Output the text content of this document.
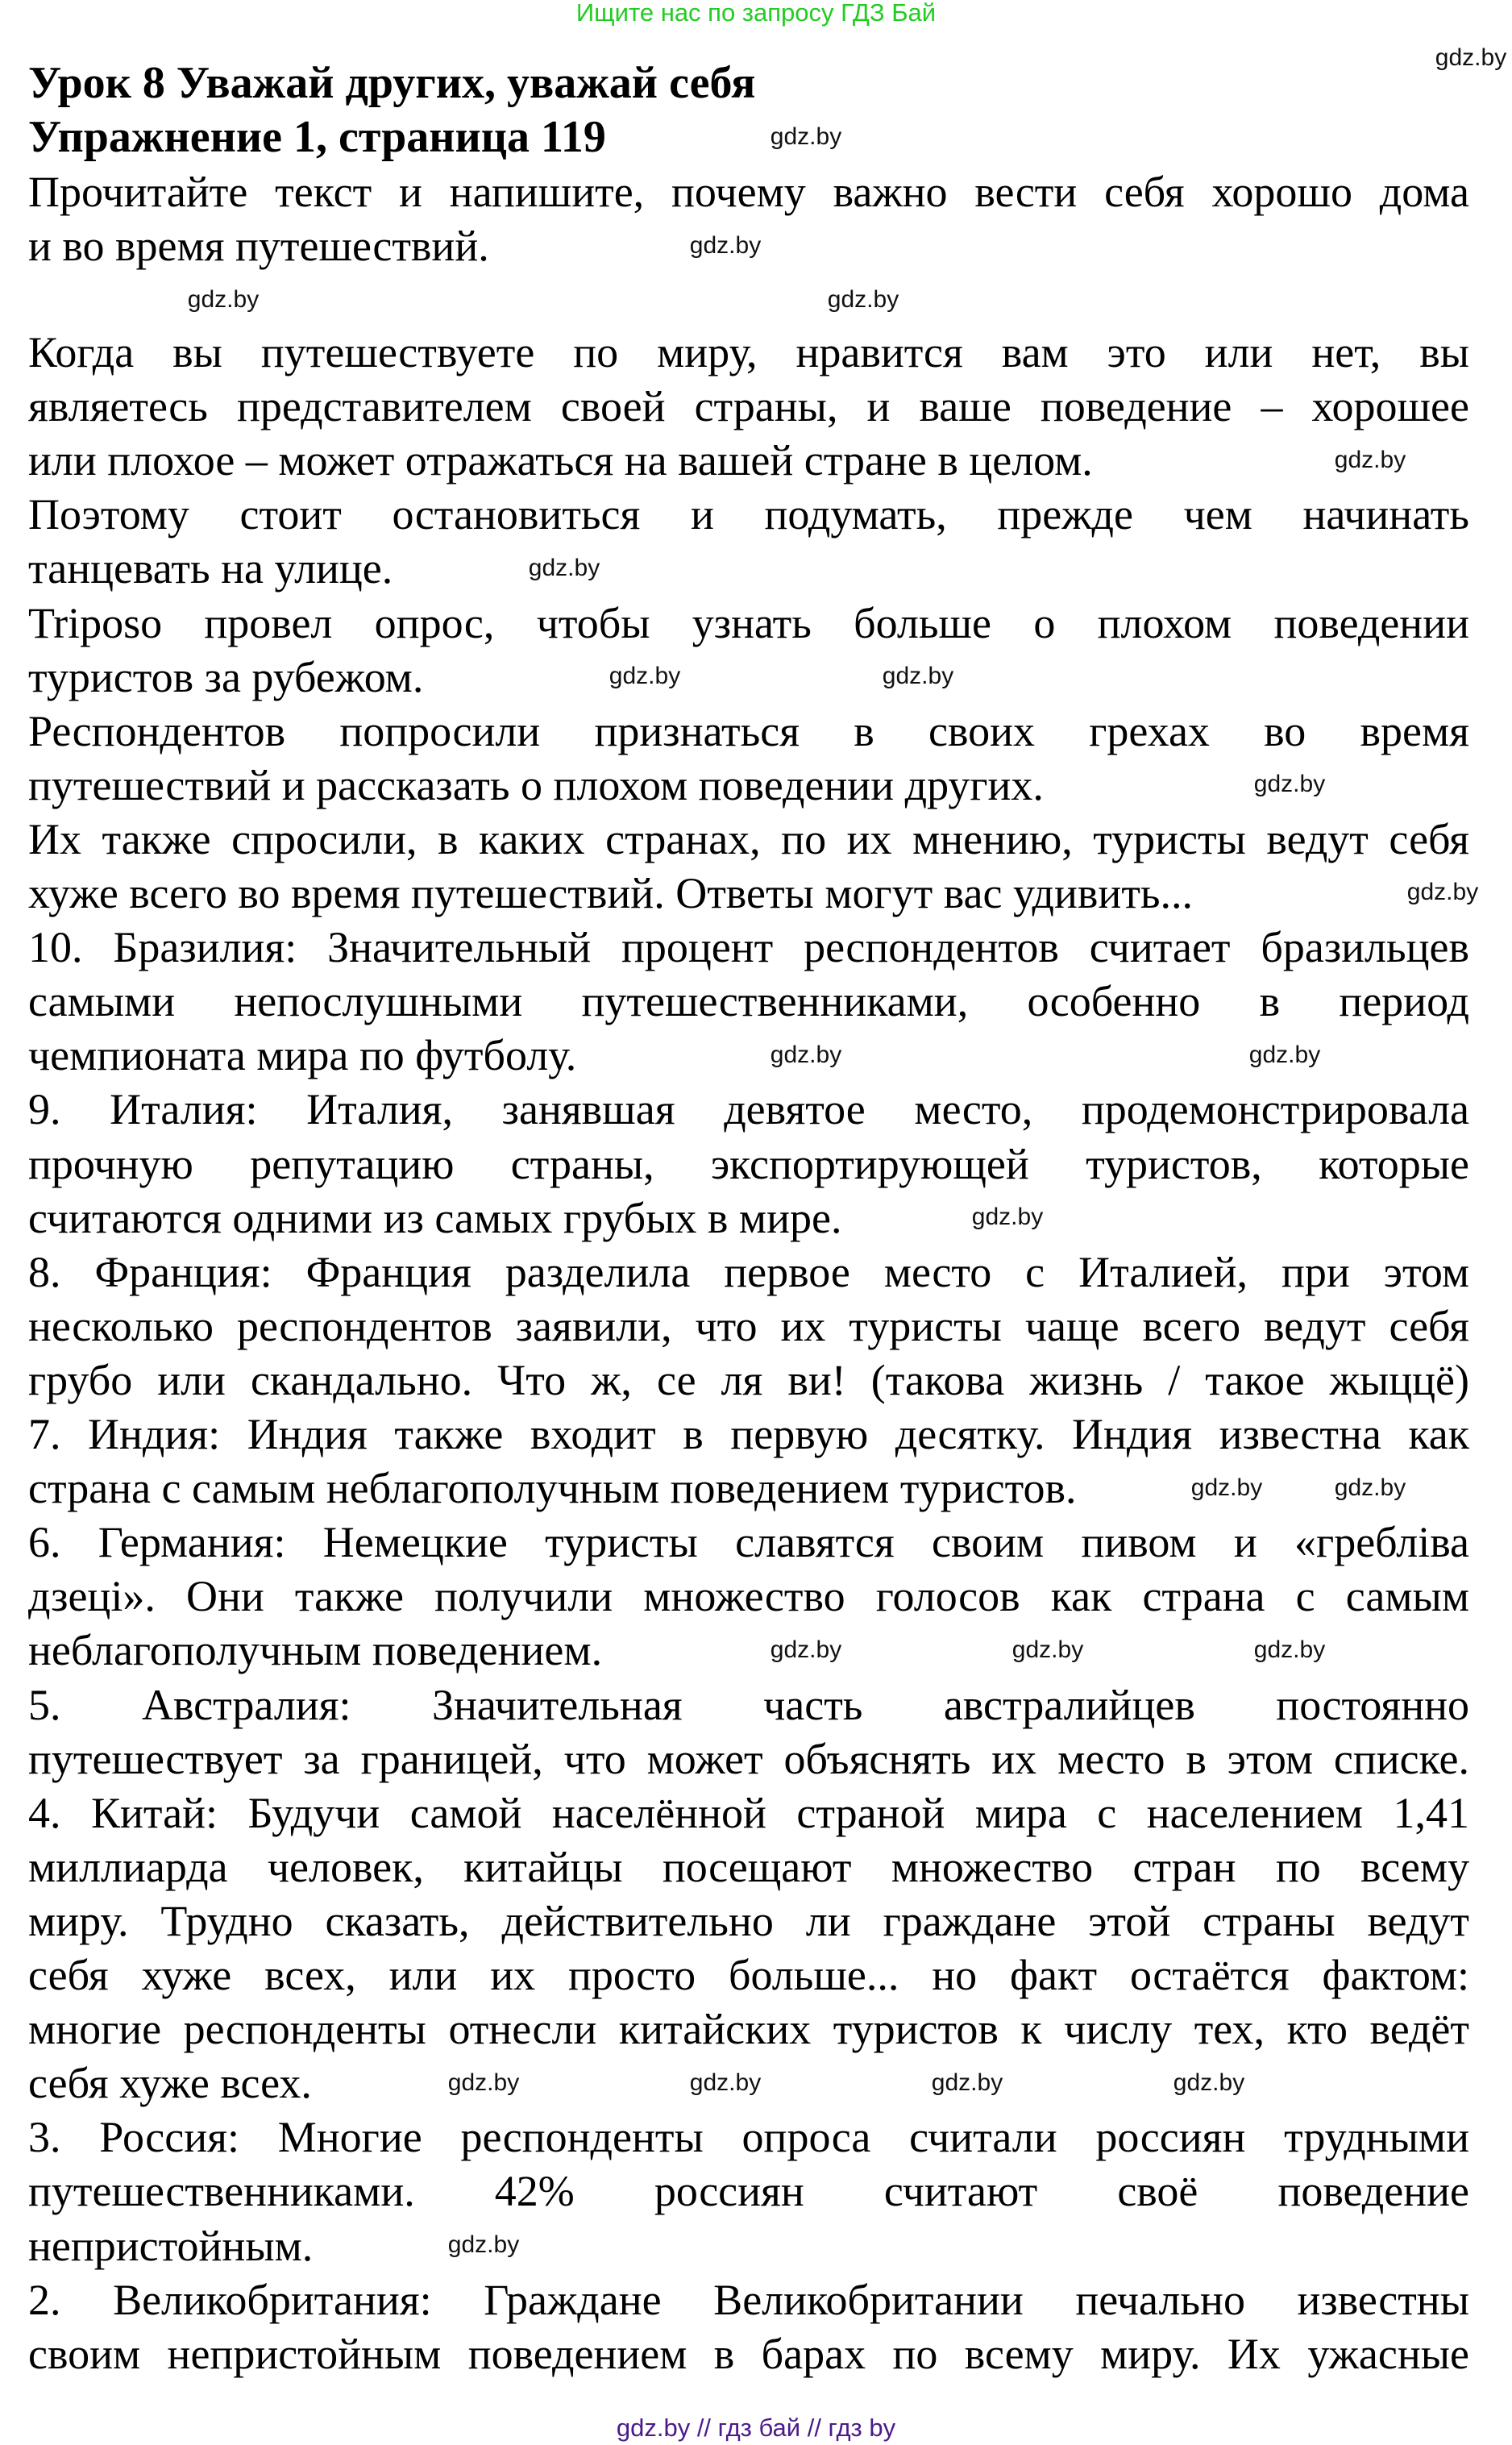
Ищите нас по запросу ГДЗ Бай
Урок 8 Уважай других, уважай себя
Упражнение 1, страница 119
Прочитайте текст и напишите, почему важно вести себя хорошо дома
и во время путешествий.
Когда вы путешествуете по миру, нравится вам это или нет, вы
являетесь представителем своей страны, и ваше поведение – хорошее
или плохое – может отражаться на вашей стране в целом.
Поэтому стоит остановиться и подумать, прежде чем начинать
танцевать на улице.
Triposo провел опрос, чтобы узнать больше о плохом поведении
туристов за рубежом.
Респондентов попросили признаться в своих грехах во время
путешествий и рассказать о плохом поведении других.
Их также спросили, в каких странах, по их мнению, туристы ведут себя
хуже всего во время путешествий. Ответы могут вас удивить...
10. Бразилия: Значительный процент респондентов считает бразильцев
самыми непослушными путешественниками, особенно в период
чемпионата мира по футболу.
9. Италия: Италия, занявшая девятое место, продемонстрировала
прочную репутацию страны, экспортирующей туристов, которые
считаются одними из самых грубых в мире.
8. Франция: Франция разделила первое место с Италией, при этом
несколько респондентов заявили, что их туристы чаще всего ведут себя
грубо или скандально. Что ж, се ля ви! (такова жизнь / такое жыццё)
7. Индия: Индия также входит в первую десятку. Индия известна как
страна с самым неблагополучным поведением туристов.
6. Германия: Немецкие туристы славятся своим пивом и «гребліва
дзеці». Они также получили множество голосов как страна с самым
неблагополучным поведением.
5. Австралия: Значительная часть австралийцев постоянно
путешествует за границей, что может объяснять их место в этом списке.
4. Китай: Будучи самой населённой страной мира с населением 1,41
миллиарда человек, китайцы посещают множество стран по всему
миру. Трудно сказать, действительно ли граждане этой страны ведут
себя хуже всех, или их просто больше... но факт остаётся фактом:
многие респонденты отнесли китайских туристов к числу тех, кто ведёт
себя хуже всех.
3. Россия: Многие респонденты опроса считали россиян трудными
путешественниками. 42% россиян считают своё поведение
непристойным.
2. Великобритания: Граждане Великобритании печально известны
своим непристойным поведением в барах по всему миру. Их ужасные
gdz.by
gdz.by
gdz.by
gdz.by	gdz.by
gdz.by
gdz.by
gdz.by	gdz.by
gdz.by
gdz.by
gdz.by	gdz.by
gdz.by
gdz.by	gdz.by
gdz.by	gdz.by	gdz.by
gdz.by	gdz.by	gdz.by	gdz.by
gdz.by
gdz.by // гдз бай // гдз by
